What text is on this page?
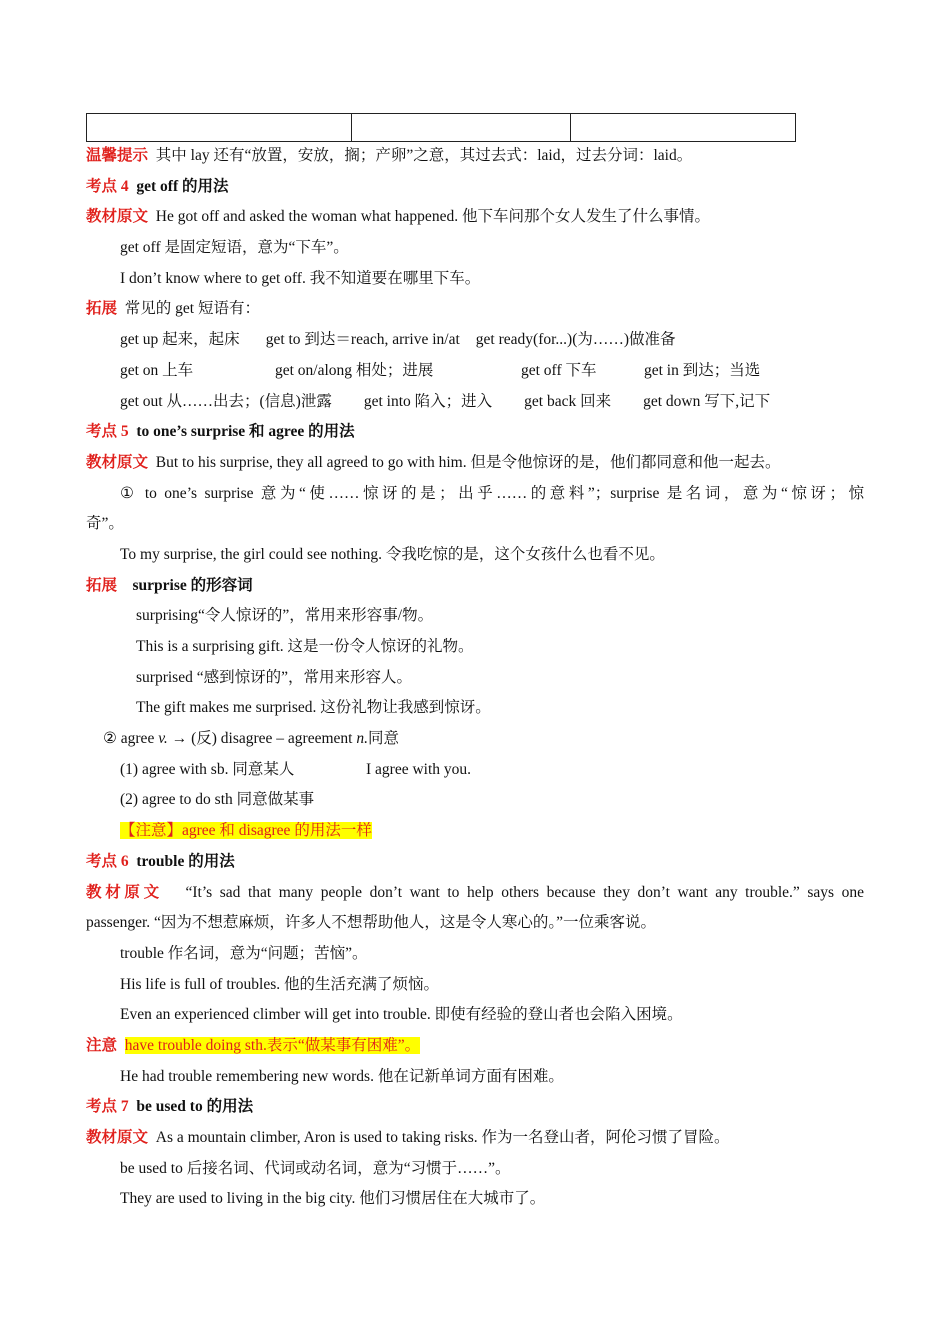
温馨提示 其中 lay 还有“放置，安放，搁；产卵”之意，其过去式：laid，过去分词：laid。
考点 4 get off 的用法
教材原文 He got off and asked the woman what happened. 他下车问那个女人发生了什么事情。
get off 是固定短语，意为“下车”。
I don’t know where to get off. 我不知道要在哪里下车。
拓展 常见的 get 短语有：
get up 起来，起床 get to 到达＝reach, arrive in/at get ready(for...)(为……)做准备
get on 上车	get on/along 相处；进展	get off 下车	get in 到达；当选
get out 从……出去；(信息)泄露 get into 陷入；进入 get back 回来 get down 写下,记下
考点 5 to one’s surprise 和 agree 的用法
教材原文 But to his surprise, they all agreed to go with him. 但是令他惊讶的是，他们都同意和他一起去。
① to one’s surprise 意为“使……惊讶的是；出乎……的意料”；surprise 是名词，意为“惊讶；惊
奇”。
To my surprise, the girl could see nothing. 令我吃惊的是，这个女孩什么也看不见。
拓展 surprise 的形容词
surprising“令人惊讶的”，常用来形容事/物。
This is a surprising gift. 这是一份令人惊讶的礼物。
surprised “感到惊讶的”，常用来形容人。
The gift makes me surprised. 这份礼物让我感到惊讶。
② agree v. → (反) disagree – agreement n.同意
(1) agree with sb. 同意某人	I agree with you.
(2) agree to do sth 同意做某事
【注意】agree 和 disagree 的用法一样
考点 6 trouble 的用法
教材原文 “It’s sad that many people don’t want to help others because they don’t want any trouble.” says one
passenger. “因为不想惹麻烦，许多人不想帮助他人，这是令人寒心的。”一位乘客说。
trouble 作名词，意为“问题；苦恼”。
His life is full of troubles. 他的生活充满了烦恼。
Even an experienced climber will get into trouble. 即使有经验的登山者也会陷入困境。
注意 have trouble doing sth.表示“做某事有困难”。
He had trouble remembering new words. 他在记新单词方面有困难。
考点 7 be used to 的用法
教材原文 As a mountain climber, Aron is used to taking risks. 作为一名登山者，阿伦习惯了冒险。
be used to 后接名词、代词或动名词，意为“习惯于……”。
They are used to living in the big city. 他们习惯居住在大城市了。
